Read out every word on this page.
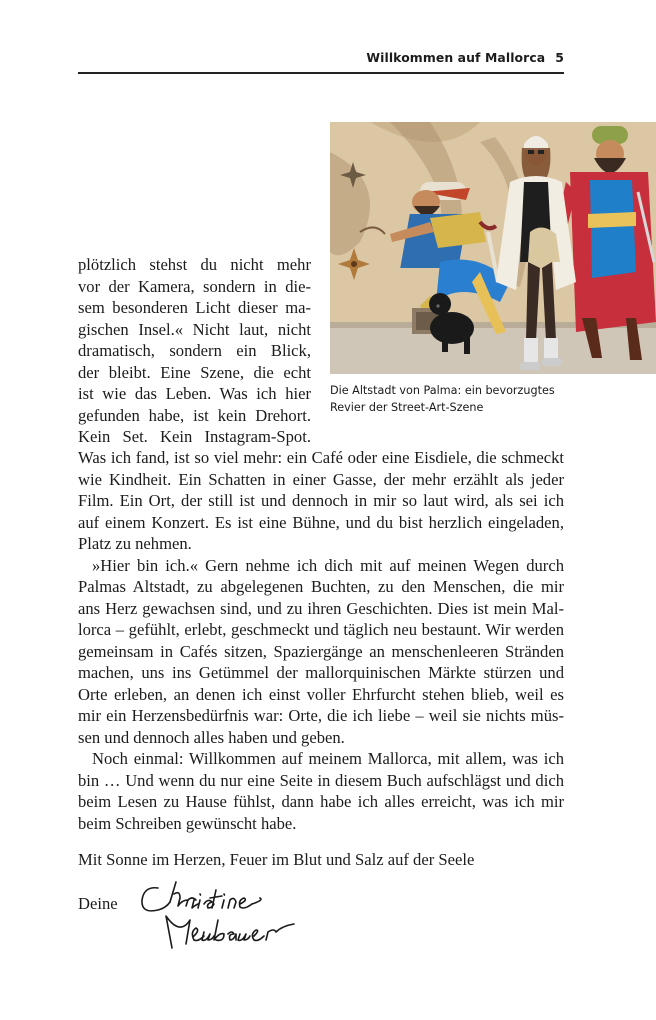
Willkommen auf Mallorca 5
Die Altstadt von Palma: ein bevorzugtes
Revier der Street-Art-Szene
plötzlich stehst du nicht mehr
vor der Kamera, sondern in die-
sem besonderen Licht dieser ma-
gischen Insel.« Nicht laut, nicht
dramatisch, sondern ein Blick,
der bleibt. Eine Szene, die echt
ist wie das Leben. Was ich hier
gefunden habe, ist kein Drehort.
Kein Set. Kein Instagram-Spot.
Was ich fand, ist so viel mehr: ein Café oder eine Eisdiele, die schmeckt
wie Kindheit. Ein Schatten in einer Gasse, der mehr erzählt als jeder
Film. Ein Ort, der still ist und dennoch in mir so laut wird, als sei ich
auf einem Konzert. Es ist eine Bühne, und du bist herzlich eingeladen,
Platz zu nehmen.
»Hier bin ich.« Gern nehme ich dich mit auf meinen Wegen durch
Palmas Altstadt, zu abgelegenen Buchten, zu den Menschen, die mir
ans Herz gewachsen sind, und zu ihren Geschichten. Dies ist mein Mal-
lorca – gefühlt, erlebt, geschmeckt und täglich neu bestaunt. Wir werden
gemeinsam in Cafés sitzen, Spaziergänge an menschenleeren Stränden
machen, uns ins Getümmel der mallorquinischen Märkte stürzen und
Orte erleben, an denen ich einst voller Ehrfurcht stehen blieb, weil es
mir ein Herzensbedürfnis war: Orte, die ich liebe – weil sie nichts müs-
sen und dennoch alles haben und geben.
Noch einmal: Willkommen auf meinem Mallorca, mit allem, was ich
bin … Und wenn du nur eine Seite in diesem Buch aufschlägst und dich
beim Lesen zu Hause fühlst, dann habe ich alles erreicht, was ich mir
beim Schreiben gewünscht habe.
Mit Sonne im Herzen, Feuer im Blut und Salz auf der Seele
Deine
